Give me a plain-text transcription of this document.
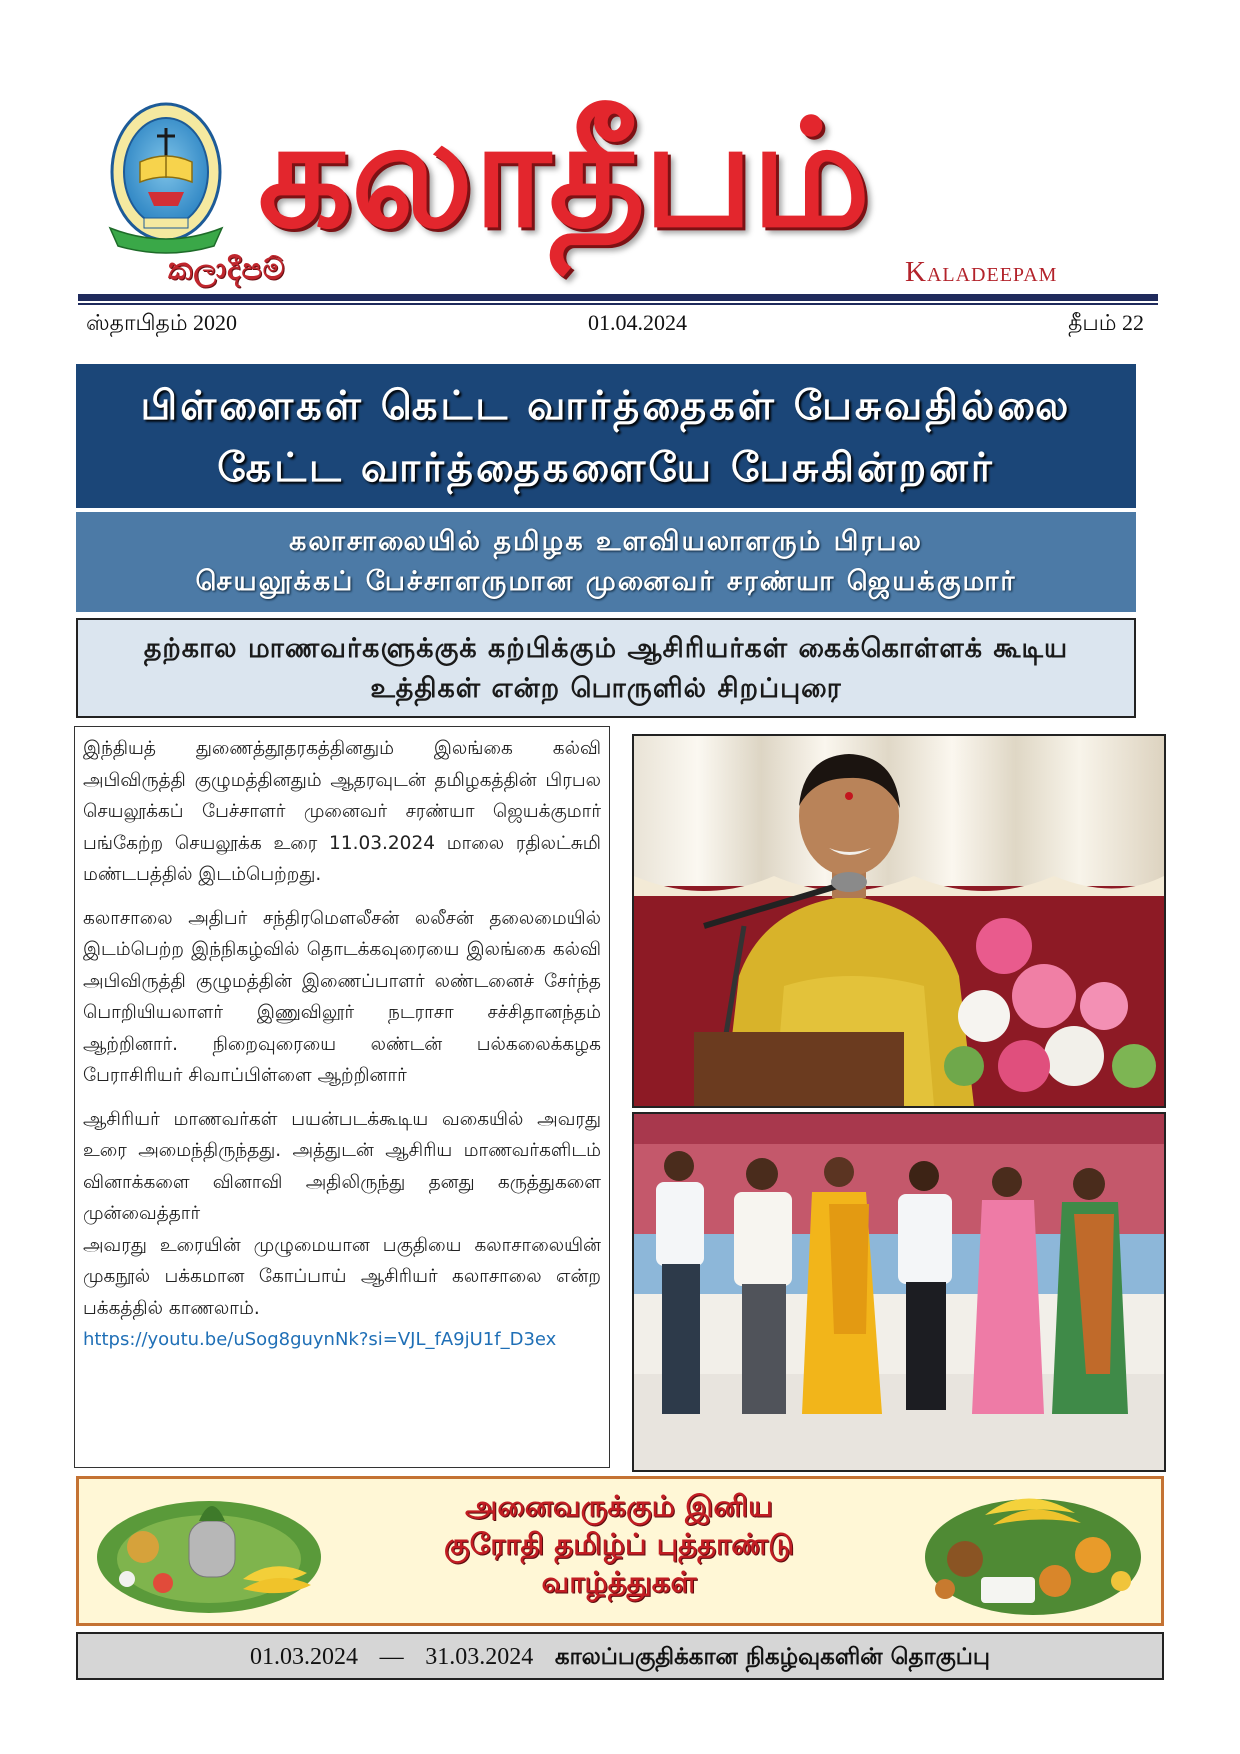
கலாதீபம்
කලාදීපම්	Kaladeepam
ஸ்தாபிதம் 2020	01.04.2024	தீபம் 22
பிள்ளைகள் கெட்ட வார்த்தைகள் பேசுவதில்லை
கேட்ட வார்த்தைகளையே பேசுகின்றனர்
கலாசாலையில் தமிழக உளவியலாளரும் பிரபல
செயலூக்கப் பேச்சாளருமான முனைவர் சரண்யா ஜெயக்குமார்
தற்கால மாணவர்களுக்குக் கற்பிக்கும் ஆசிரியர்கள் கைக்கொள்ளக் கூடிய
உத்திகள் என்ற பொருளில் சிறப்புரை

இந்தியத் துணைத்தூதரகத்தினதும் இலங்கை கல்வி அபிவிருத்தி குழுமத்தினதும் ஆதரவுடன் தமிழகத்தின் பிரபல செயலூக்கப் பேச்சாளர் முனைவர் சரண்யா ஜெயக்குமார் பங்கேற்ற செயலூக்க உரை 11.03.2024 மாலை ரதிலட்சுமி மண்டபத்தில் இடம்பெற்றது.

கலாசாலை அதிபர் சந்திரமௌலீசன் லலீசன் தலைமையில் இடம்பெற்ற இந்நிகழ்வில் தொடக்கவுரையை இலங்கை கல்வி அபிவிருத்தி குழுமத்தின் இணைப்பாளர் லண்டனைச் சேர்ந்த பொறியியலாளர் இணுவிலூர் நடராசா சச்சிதானந்தம் ஆற்றினார். நிறைவுரையை லண்டன் பல்கலைக்கழக பேராசிரியர் சிவாப்பிள்ளை ஆற்றினார்

ஆசிரியர் மாணவர்கள் பயன்படக்கூடிய வகையில் அவரது உரை அமைந்திருந்தது. அத்துடன் ஆசிரிய மாணவர்களிடம் வினாக்களை வினாவி அதிலிருந்து தனது கருத்துகளை முன்வைத்தார்

அவரது உரையின் முழுமையான பகுதியை கலாசாலையின் முகநூல் பக்கமான கோப்பாய் ஆசிரியர் கலாசாலை என்ற பக்கத்தில் காணலாம்.

https://youtu.be/uSog8guynNk?si=VJL_fA9jU1f_D3ex
அனைவருக்கும் இனிய
குரோதி தமிழ்ப் புத்தாண்டு
வாழ்த்துகள்
01.03.2024 — 31.03.2024 காலப்பகுதிக்கான நிகழ்வுகளின் தொகுப்பு
